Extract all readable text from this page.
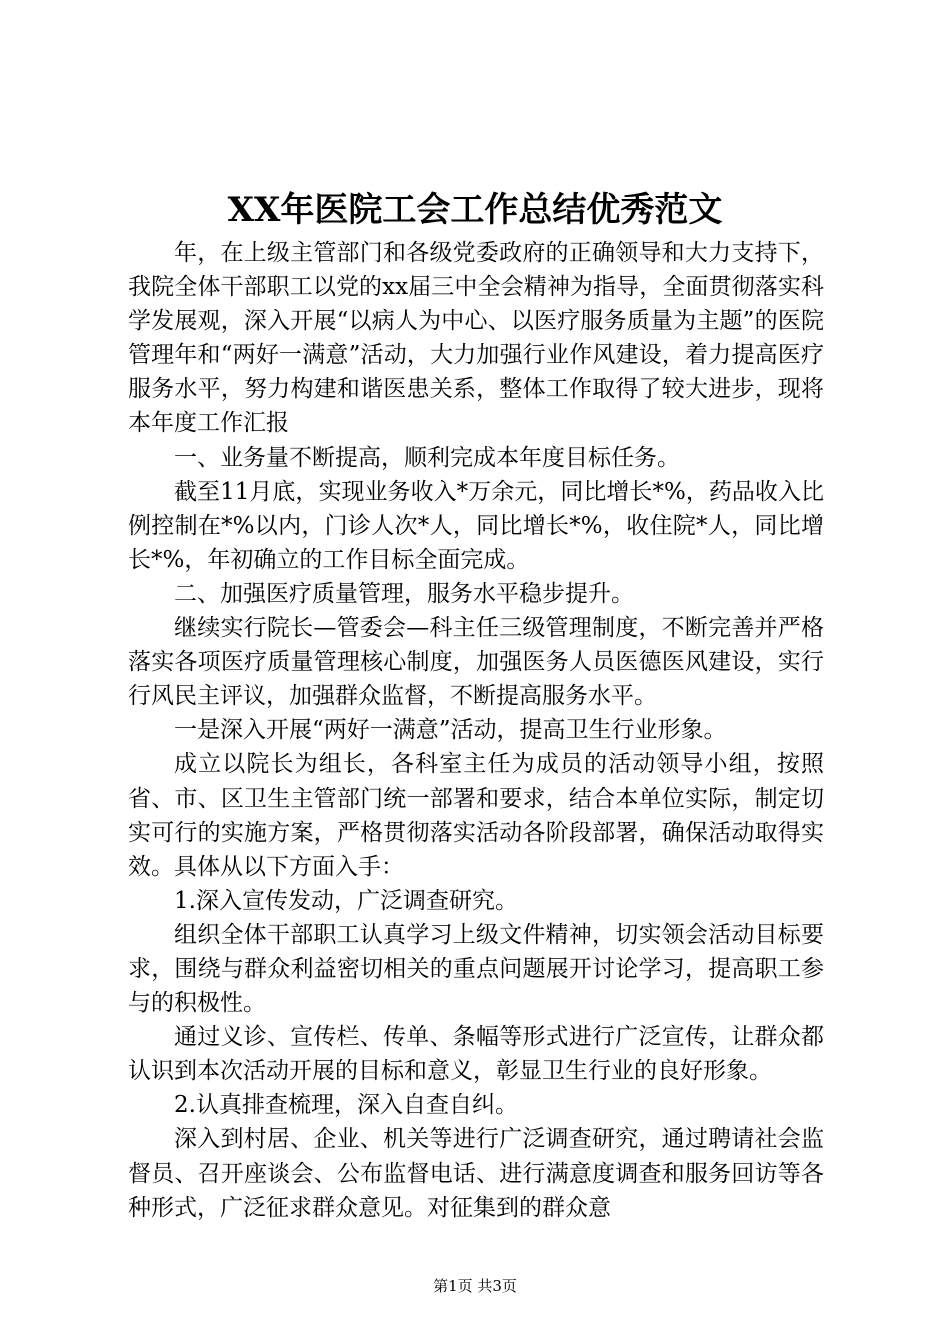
XX年医院工会工作总结优秀范文

年，在上级主管部门和各级党委政府的正确领导和大力支持下，我院全体干部职工以党的xx届三中全会精神为指导，全面贯彻落实科学发展观，深入开展“以病人为中心、以医疗服务质量为主题”的医院管理年和“两好一满意”活动，大力加强行业作风建设，着力提高医疗服务水平，努力构建和谐医患关系，整体工作取得了较大进步，现将本年度工作汇报

一、业务量不断提高，顺利完成本年度目标任务。

截至11月底，实现业务收入*万余元，同比增长*%，药品收入比例控制在*%以内，门诊人次*人，同比增长*%，收住院*人，同比增长*%，年初确立的工作目标全面完成。

二、加强医疗质量管理，服务水平稳步提升。

继续实行院长—管委会—科主任三级管理制度，不断完善并严格落实各项医疗质量管理核心制度，加强医务人员医德医风建设，实行行风民主评议，加强群众监督，不断提高服务水平。

一是深入开展“两好一满意”活动，提高卫生行业形象。

成立以院长为组长，各科室主任为成员的活动领导小组，按照省、市、区卫生主管部门统一部署和要求，结合本单位实际，制定切实可行的实施方案，严格贯彻落实活动各阶段部署，确保活动取得实效。具体从以下方面入手：

1.深入宣传发动，广泛调查研究。

组织全体干部职工认真学习上级文件精神，切实领会活动目标要求，围绕与群众利益密切相关的重点问题展开讨论学习，提高职工参与的积极性。

通过义诊、宣传栏、传单、条幅等形式进行广泛宣传，让群众都认识到本次活动开展的目标和意义，彰显卫生行业的良好形象。

2.认真排查梳理，深入自查自纠。

深入到村居、企业、机关等进行广泛调查研究，通过聘请社会监督员、召开座谈会、公布监督电话、进行满意度调查和服务回访等各种形式，广泛征求群众意见。对征集到的群众意

第1页 共3页
